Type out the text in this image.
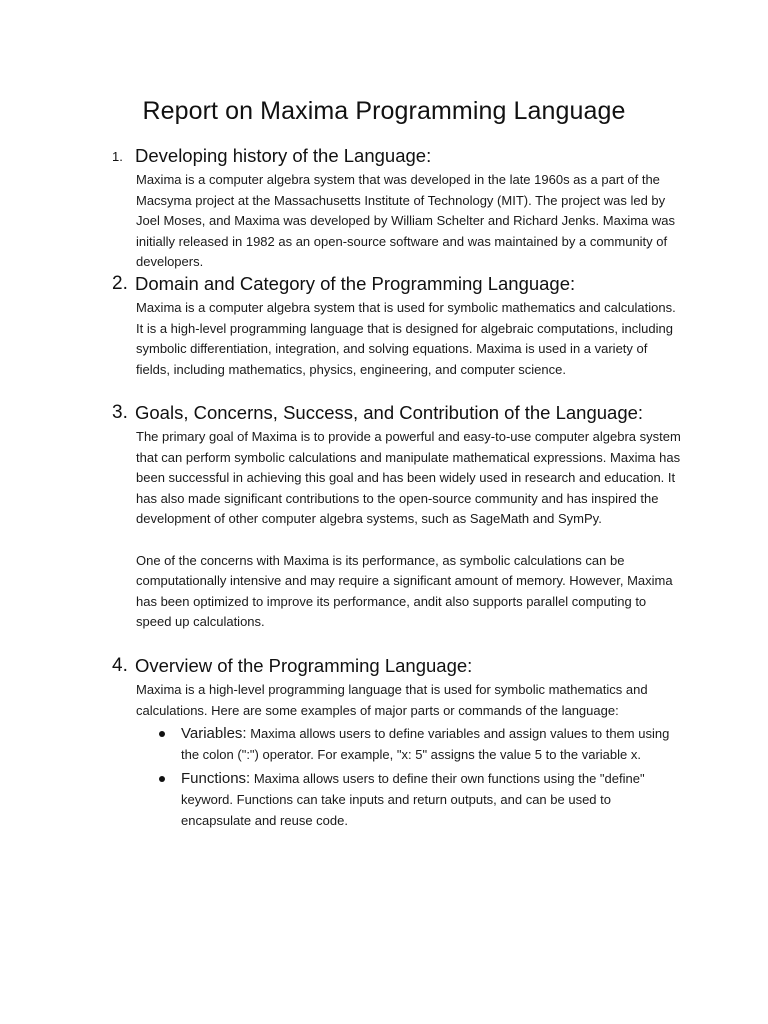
Report on Maxima Programming Language
1. Developing history of the Language:

Maxima is a computer algebra system that was developed in the late 1960s as a part of the Macsyma project at the Massachusetts Institute of Technology (MIT). The project was led by Joel Moses, and Maxima was developed by William Schelter and Richard Jenks. Maxima was initially released in 1982 as an open-source software and was maintained by a community of developers.

2. Domain and Category of the Programming Language:

Maxima is a computer algebra system that is used for symbolic mathematics and calculations. It is a high-level programming language that is designed for algebraic computations, including symbolic differentiation, integration, and solving equations. Maxima is used in a variety of fields, including mathematics, physics, engineering, and computer science.

3. Goals, Concerns, Success, and Contribution of the Language:

The primary goal of Maxima is to provide a powerful and easy-to-use computer algebra system that can perform symbolic calculations and manipulate mathematical expressions. Maxima has been successful in achieving this goal and has been widely used in research and education. It has also made significant contributions to the open-source community and has inspired the development of other computer algebra systems, such as SageMath and SymPy.

One of the concerns with Maxima is its performance, as symbolic calculations can be computationally intensive and may require a significant amount of memory. However, Maxima has been optimized to improve its performance, andit also supports parallel computing to speed up calculations.

4. Overview of the Programming Language:

Maxima is a high-level programming language that is used for symbolic mathematics and calculations. Here are some examples of major parts or commands of the language:

Variables: Maxima allows users to define variables and assign values to them using the colon (":") operator. For example, "x: 5" assigns the value 5 to the variable x.
Functions: Maxima allows users to define their own functions using the "define" keyword. Functions can take inputs and return outputs, and can be used to encapsulate and reuse code.
